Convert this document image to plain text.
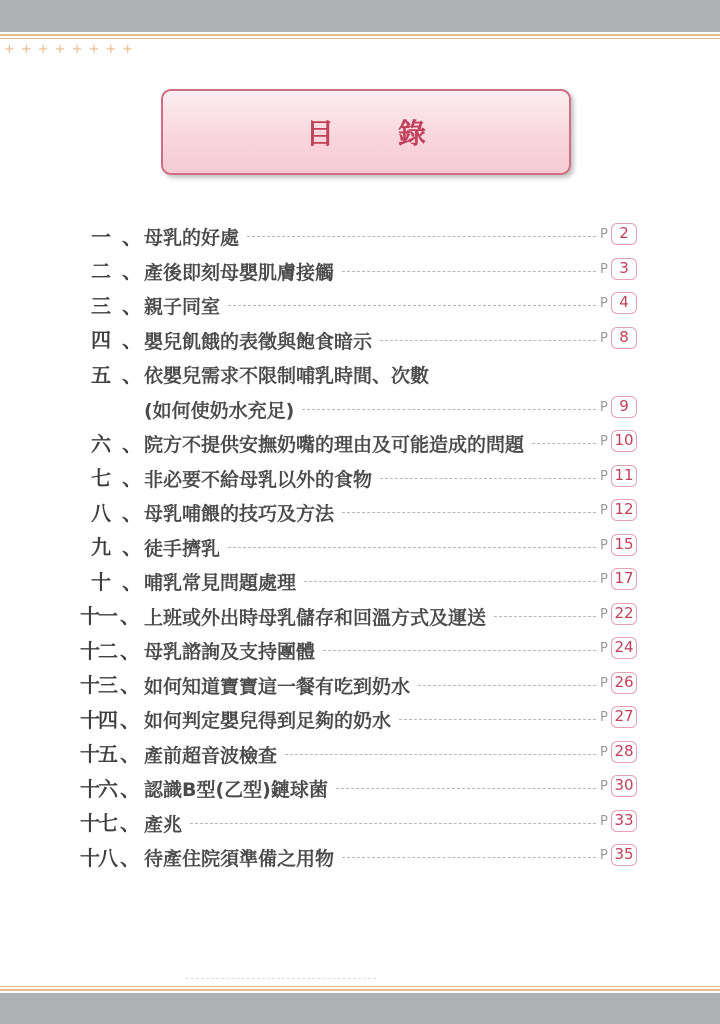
++++++++
目 錄
一 、 母乳的好處	P 2
二 、 產後即刻母嬰肌膚接觸	P 3
三 、 親子同室	P 4
四 、 嬰兒飢餓的表徵與飽食暗示	P 8
五 、 依嬰兒需求不限制哺乳時間、次數
(如何使奶水充足)	P 9
六 、 院方不提供安撫奶嘴的理由及可能造成的問題	P 10
七 、 非必要不給母乳以外的食物	P 11
八 、 母乳哺餵的技巧及方法	P 12
九 、 徒手擠乳	P 15
十 、 哺乳常見問題處理	P 17
十一 、 上班或外出時母乳儲存和回溫方式及運送	P 22
十二 、 母乳諮詢及支持團體	P 24
十三 、 如何知道寶寶這一餐有吃到奶水	P 26
十四 、 如何判定嬰兒得到足夠的奶水	P 27
十五 、 產前超音波檢查	P 28
十六 、 認識B型(乙型)鏈球菌	P 30
十七 、 產兆	P 33
十八 、 待產住院須準備之用物	P 35
